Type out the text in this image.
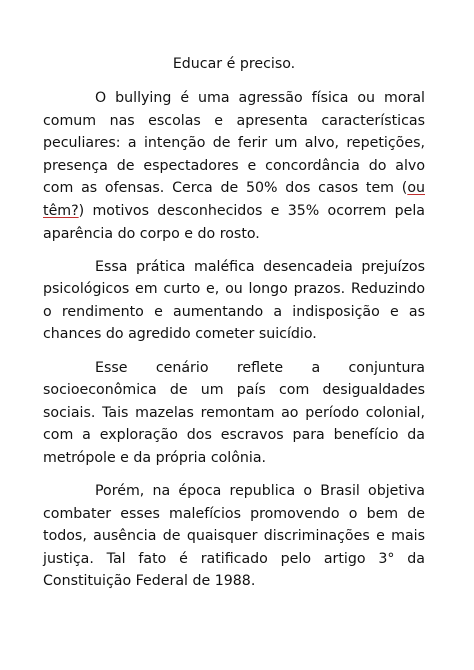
Educar é preciso.

O bullying é uma agressão física ou moral comum nas escolas e apresenta características peculiares: a intenção de ferir um alvo, repetições, presença de espectadores e concordância do alvo com as ofensas. Cerca de 50% dos casos tem (ou têm?) motivos desconhecidos e 35% ocorrem pela aparência do corpo e do rosto.

Essa prática maléfica desencadeia prejuízos psicológicos em curto e, ou longo prazos. Reduzindo o rendimento e aumentando a indisposição e as chances do agredido cometer suicídio.

Esse cenário reflete a conjuntura socioeconômica de um país com desigualdades sociais. Tais mazelas remontam ao período colonial, com a exploração dos escravos para benefício da metrópole e da própria colônia.

Porém, na época republica o Brasil objetiva combater esses malefícios promovendo o bem de todos, ausência de quaisquer discriminações e mais justiça. Tal fato é ratificado pelo artigo 3° da Constituição Federal de 1988.
